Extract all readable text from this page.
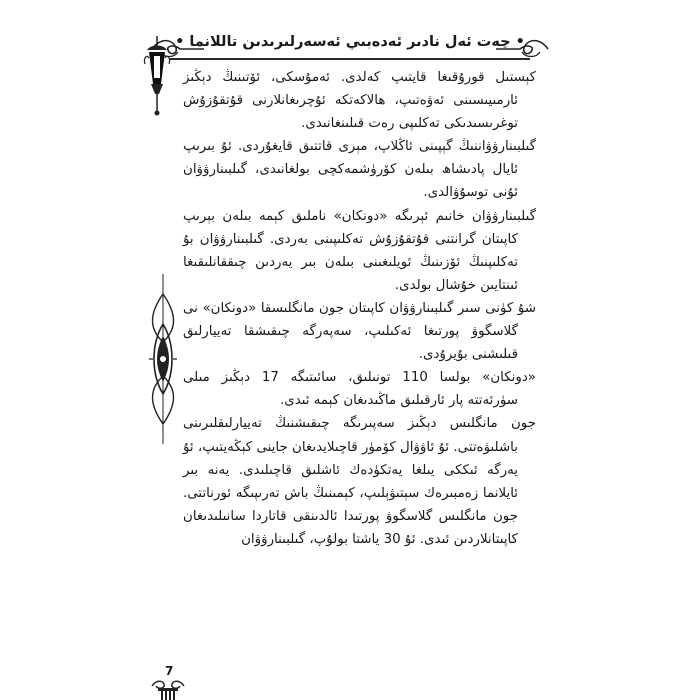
• چەت ئەل نادىر ئەدەبىي ئەسەرلىرىدىن تاللانما •

كېستىل قورۇقىغا قايتىپ كەلدى. ئەمۇسكى، ئۆتىنىڭ دېڭىز ئارمىيىسىنى ئەۋەتىپ، ھالاكەتكە ئۇچرىغانلارنى قۇتقۇزۇش توغرىسىدىكى تەكلىپى رەت قىلىنغانىدى.

گىلبىنارۋۋاننىڭ گېپىنى ئاڭلاپ، مېرى قاتتىق قايغۇردى. ئۇ بىرىپ ئايال پادىشاھ بىلەن كۆرۈشمەكچى بولغانىدى، گىلبىنارۋۋان ئۇنى توسۇۋالدى.

گىلبىنارۋۋان خانىم ئېرىگە «دونكان» ناملىق كېمە بىلەن بېرىپ كاپىتان گرانتنى قۇتقۇزۇش تەكلىپىنى بەردى. گىلبىنارۋۋان بۇ تەكلىپنىڭ ئۆزىنىڭ ئويلىغىنى بىلەن بىر يەردىن چىققانلىقىغا ئىنتايىن خۇشال بولدى.

شۇ كۈنى سىر گىلبىنارۋۋان كاپىتان جون مانگلىسقا «دونكان» نى گلاسگوۋ پورتىغا ئەكىلىپ، سەپەرگە چىقىشقا تەييارلىق قىلىشنى بۇيرۇدى.

«دونكان» بولسا 110 تونىلىق، سائىتىگە 17 دېڭىز مىلى سۈرئەتتە پار ئارقىلىق ماڭىدىغان كېمە ئىدى.

جون مانگلىس دېڭىز سەپىرىگە چىقىشنىڭ تەييارلىقلىرىنى باشلىۋەتتى. ئۇ ئاۋۋال كۆمۈر قاچىلايدىغان جاينى كېڭەيتىپ، ئۇ يەرگە ئىككى يىلغا يەتكۈدەك ئاشلىق قاچىلىدى. يەنە بىر ئايلانما زەمبىرەك سېتىۋېلىپ، كېمىنىڭ باش تەرىپىگە ئورناتتى. جون مانگلىس گلاسگوۋ پورتىدا ئالدىنقى قاتاردا سانىلىدىغان كاپىتانلاردىن ئىدى. ئۇ 30 ياشتا بولۇپ، گىلبىنارۋۋان

7
